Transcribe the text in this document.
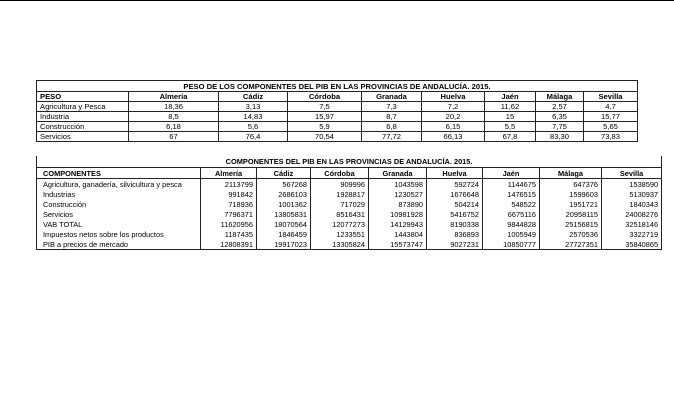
PESO DE LOS COMPONENTES DEL PIB EN LAS PROVINCIAS DE ANDALUCÍA. 2015.								
PESO	Almería	Cádiz	Córdoba	Granada	Huelva	Jaén	Málaga	Sevilla
Agricultura y Pesca	18,36	3,13	7,5	7,3	7,2	11,62	2,57	4,7
Industria	8,5	14,83	15,97	8,7	20,2	15	6,35	15,77
Construcción	6,18	5,6	5,9	6,8	6,15	5,5	7,75	5,65
Servicios	67	76,4	70,54	77,72	66,13	67,8	83,30	73,83
COMPONENTES DEL PIB EN LAS PROVINCIAS DE ANDALUCÍA. 2015.								
COMPONENTES	Almería	Cádiz	Córdoba	Granada	Huelva	Jaén	Málaga	Sevilla
Agricultura, ganadería, silvicultura y pesca	2113799	567268	909996	1043598	592724	1144675	647376	1538590
Industrias	991842	2686103	1928817	1230527	1676648	1476515	1599603	5130937
Construcción	718936	1001362	717029	873890	504214	548522	1951721	1840343
Servicios	7796371	13805831	8516431	10981928	5416752	6675116	20958115	24008276
VAB TOTAL	11620956	18070564	12077273	14129943	8190338	9844828	25156815	32518146
Impuestos netos sobre los productos	1187435	1846459	1233551	1443804	836893	1005949	2570536	3322719
PIB a precios de mercado	12808391	19917023	13305824	15573747	9027231	10850777	27727351	35840865
